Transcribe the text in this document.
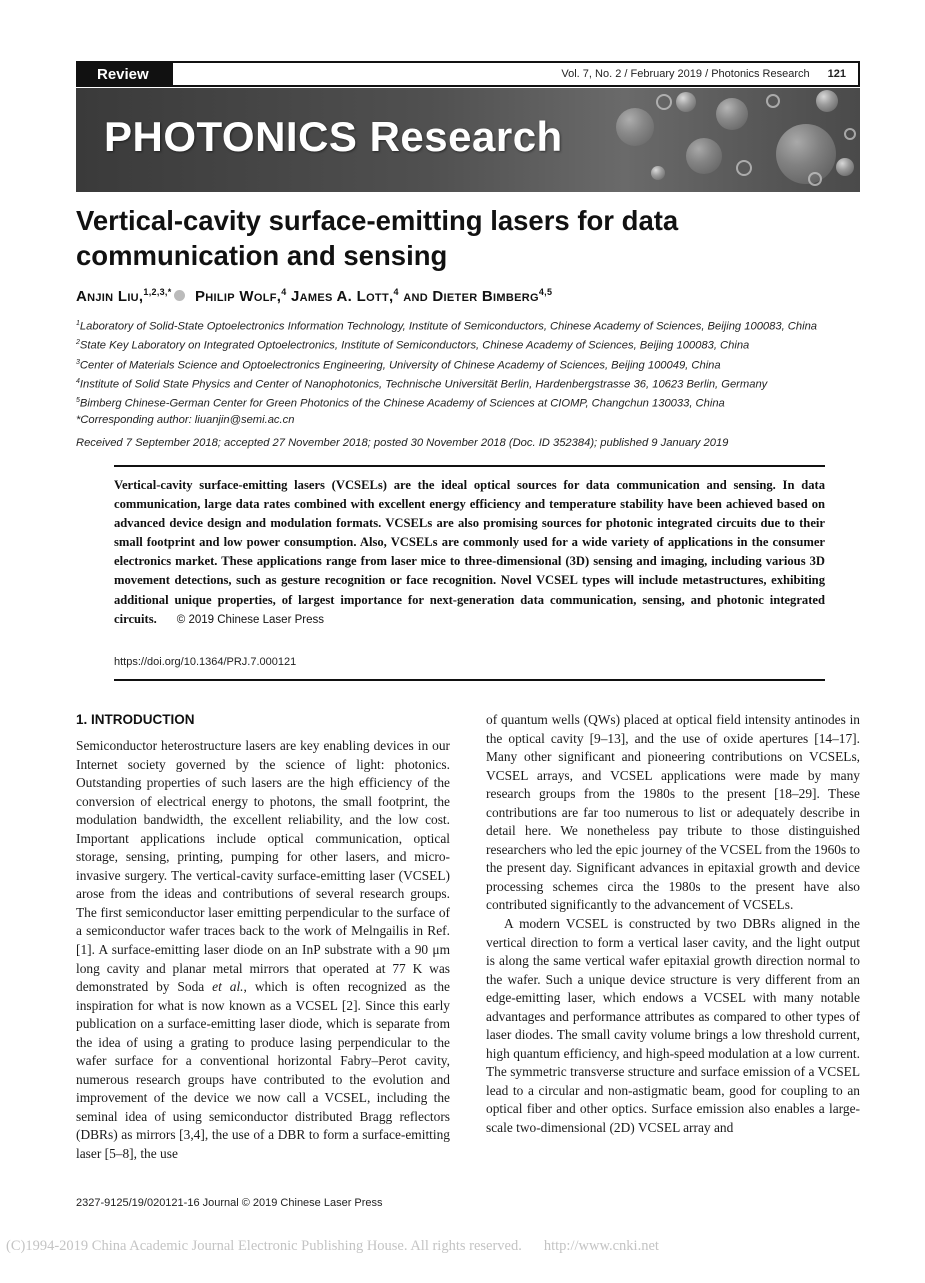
Review	Vol. 7, No. 2 / February 2019 / Photonics Research 121
PHOTONICS Research
Vertical-cavity surface-emitting lasers for data communication and sensing
Anjin Liu,$^{1,2,3,*}$ Philip Wolf,$^4$ James A. Lott,$^4$ and Dieter Bimberg$^{4,5}$
$^1$Laboratory of Solid-State Optoelectronics Information Technology, Institute of Semiconductors, Chinese Academy of Sciences, Beijing 100083, China
$^2$State Key Laboratory on Integrated Optoelectronics, Institute of Semiconductors, Chinese Academy of Sciences, Beijing 100083, China
$^3$Center of Materials Science and Optoelectronics Engineering, University of Chinese Academy of Sciences, Beijing 100049, China
$^4$Institute of Solid State Physics and Center of Nanophotonics, Technische Universität Berlin, Hardenbergstrasse 36, 10623 Berlin, Germany
$^5$Bimberg Chinese-German Center for Green Photonics of the Chinese Academy of Sciences at CIOMP, Changchun 130033, China
*Corresponding author: liuanjin@semi.ac.cn
Received 7 September 2018; accepted 27 November 2018; posted 30 November 2018 (Doc. ID 352384); published 9 January 2019
Vertical-cavity surface-emitting lasers (VCSELs) are the ideal optical sources for data communication and sensing. In data communication, large data rates combined with excellent energy efficiency and temperature stability have been achieved based on advanced device design and modulation formats. VCSELs are also promising sources for photonic integrated circuits due to their small footprint and low power consumption. Also, VCSELs are commonly used for a wide variety of applications in the consumer electronics market. These applications range from laser mice to three-dimensional (3D) sensing and imaging, including various 3D movement detections, such as gesture recognition or face recognition. Novel VCSEL types will include metastructures, exhibiting additional unique properties, of largest importance for next-generation data communication, sensing, and photonic integrated circuits. © 2019 Chinese Laser Press
https://doi.org/10.1364/PRJ.7.000121
1. INTRODUCTION

Semiconductor heterostructure lasers are key enabling devices in our Internet society governed by the science of light: photonics. Outstanding properties of such lasers are the high efficiency of the conversion of electrical energy to photons, the small footprint, the modulation bandwidth, the excellent reliability, and the low cost. Important applications include optical communication, optical storage, sensing, printing, pumping for other lasers, and micro-invasive surgery. The vertical-cavity surface-emitting laser (VCSEL) arose from the ideas and contributions of several research groups. The first semiconductor laser emitting perpendicular to the surface of a semiconductor wafer traces back to the work of Melngailis in Ref. [1]. A surface-emitting laser diode on an InP substrate with a 90 μm long cavity and planar metal mirrors that operated at 77 K was demonstrated by Soda et al., which is often recognized as the inspiration for what is now known as a VCSEL [2]. Since this early publication on a surface-emitting laser diode, which is separate from the idea of using a grating to produce lasing perpendicular to the wafer surface for a conventional horizontal Fabry–Perot cavity, numerous research groups have contributed to the evolution and improvement of the device we now call a VCSEL, including the seminal idea of using semiconductor distributed Bragg reflectors (DBRs) as mirrors [3,4], the use of a DBR to form a surface-emitting laser [5–8], the use

of quantum wells (QWs) placed at optical field intensity antinodes in the optical cavity [9–13], and the use of oxide apertures [14–17]. Many other significant and pioneering contributions on VCSELs, VCSEL arrays, and VCSEL applications were made by many research groups from the 1980s to the present [18–29]. These contributions are far too numerous to list or adequately describe in detail here. We nonetheless pay tribute to those distinguished researchers who led the epic journey of the VCSEL from the 1960s to the present day. Significant advances in epitaxial growth and device processing schemes circa the 1980s to the present have also contributed significantly to the advancement of VCSELs.

A modern VCSEL is constructed by two DBRs aligned in the vertical direction to form a vertical laser cavity, and the light output is along the same vertical wafer epitaxial growth direction normal to the wafer. Such a unique device structure is very different from an edge-emitting laser, which endows a VCSEL with many notable advantages and performance attributes as compared to other types of laser diodes. The small cavity volume brings a low threshold current, high quantum efficiency, and high-speed modulation at a low current. The symmetric transverse structure and surface emission of a VCSEL lead to a circular and non-astigmatic beam, good for coupling to an optical fiber and other optics. Surface emission also enables a large-scale two-dimensional (2D) VCSEL array and

2327-9125/19/020121-16 Journal © 2019 Chinese Laser Press
(C)1994-2019 China Academic Journal Electronic Publishing House. All rights reserved. http://www.cnki.net
